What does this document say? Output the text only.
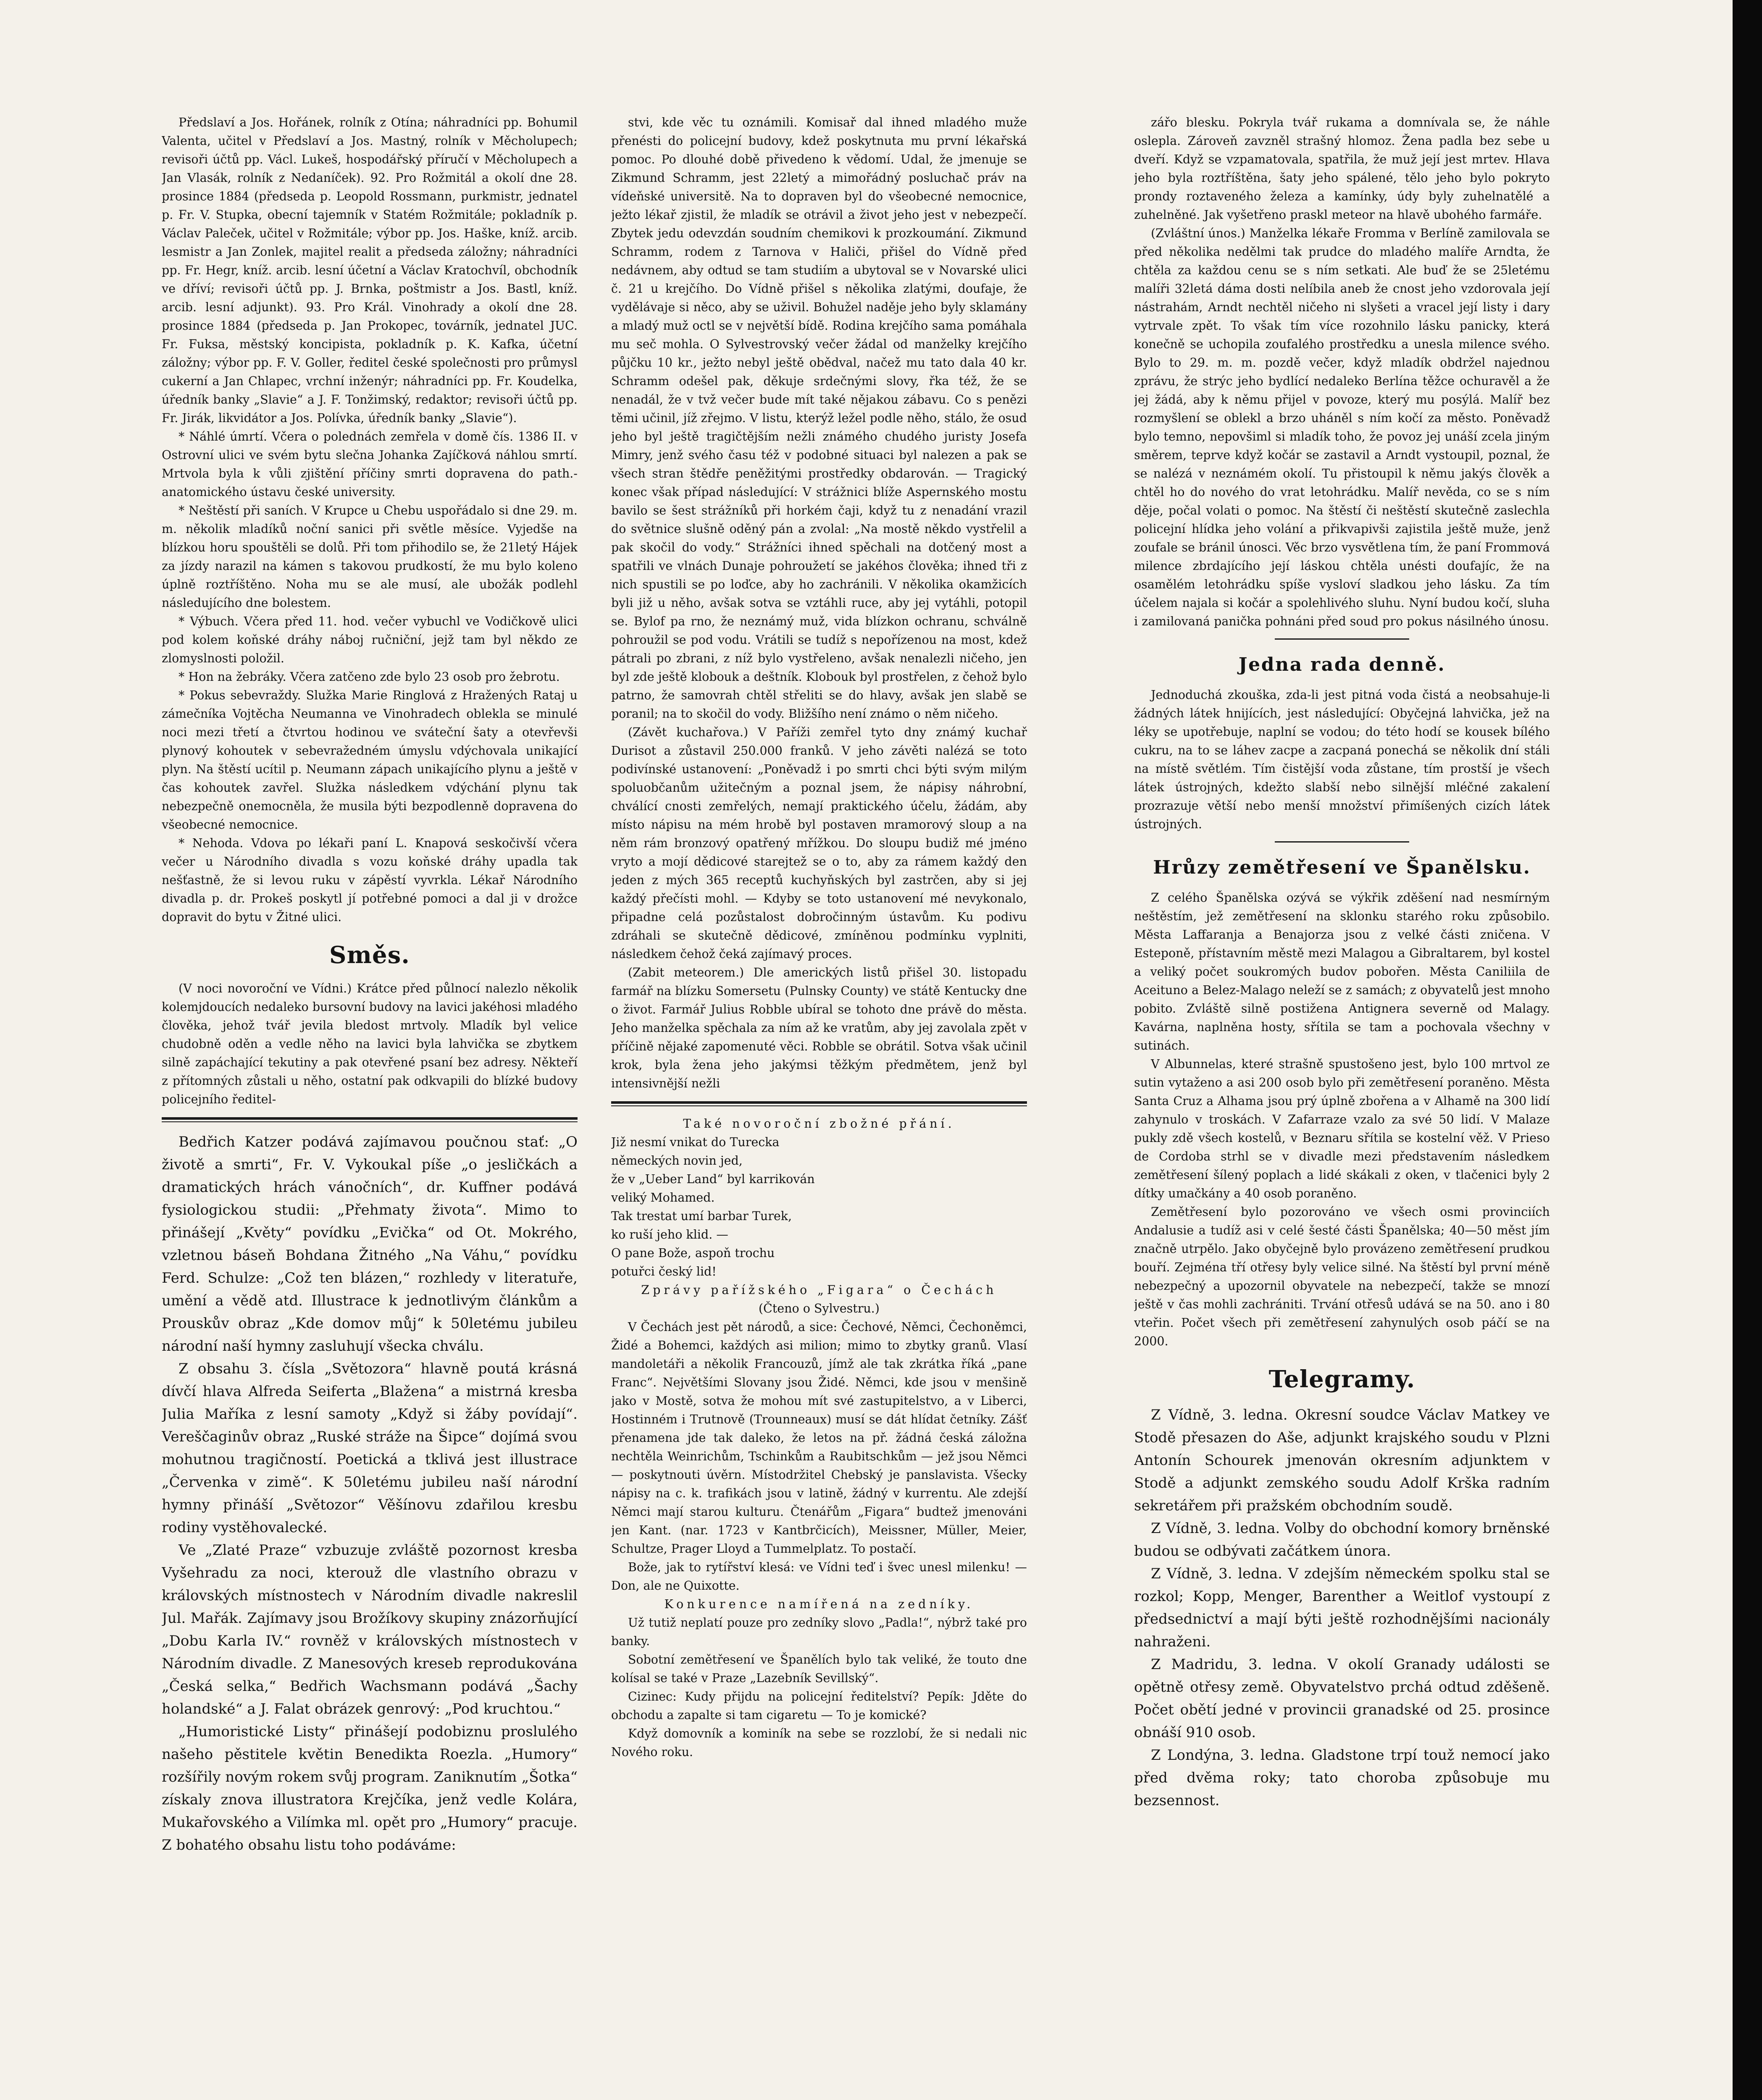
Předslaví a Jos. Hořánek, rolník z Otína; náhradníci pp. Bohumil Valenta, učitel v Předslaví a Jos. Mastný, rolník v Měcholupech; revisoři účtů pp. Václ. Lukeš, hospodářský příručí v Měcholupech a Jan Vlasák, rolník z Nedaníček). 92. Pro Rožmitál a okolí dne 28. prosince 1884 (předseda p. Leopold Rossmann, purkmistr, jednatel p. Fr. V. Stupka, obecní tajemník v Statém Rožmitále; pokladník p. Václav Paleček, učitel v Rožmitále; výbor pp. Jos. Haške, kníž. arcib. lesmistr a Jan Zonlek, majitel realit a předseda záložny; náhradníci pp. Fr. Hegr, kníž. arcib. lesní účetní a Václav Kratochvíl, obchodník ve dříví; revisoři účtů pp. J. Brnka, poštmistr a Jos. Bastl, kníž. arcib. lesní adjunkt). 93. Pro Král. Vinohrady a okolí dne 28. prosince 1884 (předseda p. Jan Prokopec, továrník, jednatel JUC. Fr. Fuksa, městský koncipista, pokladník p. K. Kafka, účetní záložny; výbor pp. F. V. Goller, ředitel české společnosti pro průmysl cukerní a Jan Chlapec, vrchní inženýr; náhradníci pp. Fr. Koudelka, úředník banky „Slavie“ a J. F. Tonžimský, redaktor; revisoři účtů pp. Fr. Jirák, likvidátor a Jos. Polívka, úředník banky „Slavie“).

* Náhlé úmrtí. Včera o polednách zemřela v domě čís. 1386 II. v Ostrovní ulici ve svém bytu slečna Johanka Zajíčková náhlou smrtí. Mrtvola byla k vůli zjištění příčiny smrti dopravena do path.-anatomického ústavu české university.

* Neštěstí při saních. V Krupce u Chebu uspořádalo si dne 29. m. m. několik mladíků noční sanici při světle měsíce. Vyjedše na blízkou horu spouštěli se dolů. Při tom přihodilo se, že 21letý Hájek za jízdy narazil na kámen s takovou prudkostí, že mu bylo koleno úplně roztříštěno. Noha mu se ale musí, ale ubožák podlehl následujícího dne bolestem.

* Výbuch. Včera před 11. hod. večer vybuchl ve Vodičkově ulici pod kolem koňské dráhy náboj ručniční, jejž tam byl někdo ze zlomyslnosti položil.

* Hon na žebráky. Včera zatčeno zde bylo 23 osob pro žebrotu.

* Pokus sebevraždy. Služka Marie Ringlová z Hražených Rataj u zámečníka Vojtěcha Neumanna ve Vinohradech oblekla se minulé noci mezi třetí a čtvrtou hodinou ve sváteční šaty a otevřevši plynový kohoutek v sebevražedném úmyslu vdýchovala unikající plyn. Na štěstí ucítil p. Neumann zápach unikajícího plynu a ještě v čas kohoutek zavřel. Služka následkem vdýchání plynu tak nebezpečně onemocněla, že musila býti bezpodlenně dopravena do všeobecné nemocnice.

* Nehoda. Vdova po lékaři paní L. Knapová seskočivší včera večer u Národního divadla s vozu koňské dráhy upadla tak nešťastně, že si levou ruku v zápěstí vyvrkla. Lékař Národního divadla p. dr. Prokeš poskytl jí potřebné pomoci a dal ji v drožce dopravit do bytu v Žitné ulici.

Směs.

(V noci novoroční ve Vídni.) Krátce před půlnocí nalezlo několik kolemjdoucích nedaleko bursovní budovy na lavici jakéhosi mladého člověka, jehož tvář jevila bledost mrtvoly. Mladík byl velice chudobně oděn a vedle něho na lavici byla lahvička se zbytkem silně zapáchající tekutiny a pak otevřené psaní bez adresy. Někteří z přítomných zůstali u něho, ostatní pak odkvapili do blízké budovy policejního ředitel-

Bedřich Katzer podává zajímavou poučnou stať: „O životě a smrti“, Fr. V. Vykoukal píše „o jesličkách a dramatických hrách vánočních“, dr. Kuffner podává fysiologickou studii: „Přehmaty života“. Mimo to přinášejí „Květy“ povídku „Evička“ od Ot. Mokrého, vzletnou báseň Bohdana Žitného „Na Váhu,“ povídku Ferd. Schulze: „Což ten blázen,“ rozhledy v literatuře, umění a vědě atd. Illustrace k jednotlivým článkům a Prouskův obraz „Kde domov můj“ k 50letému jubileu národní naší hymny zasluhují všecka chválu.

Z obsahu 3. čísla „Světozora“ hlavně poutá krásná dívčí hlava Alfreda Seiferta „Blažena“ a mistrná kresba Julia Maříka z lesní samoty „Když si žáby povídají“. Vereščaginův obraz „Ruské stráže na Šipce“ dojímá svou mohutnou tragičností. Poetická a tklivá jest illustrace „Červenka v zimě“. K 50letému jubileu naší národní hymny přináší „Světozor“ Věšínovu zdařilou kresbu rodiny vystěhovalecké.

Ve „Zlaté Praze“ vzbuzuje zvláště pozornost kresba Vyšehradu za noci, kterouž dle vlastního obrazu v královských místnostech v Národním divadle nakreslil Jul. Mařák. Zajímavy jsou Brožíkovy skupiny znázorňující „Dobu Karla IV.“ rovněž v královských místnostech v Národním divadle. Z Manesových kreseb reprodukována „Česká selka,“ Bedřich Wachsmann podává „Šachy holandské“ a J. Falat obrázek genrový: „Pod kruchtou.“

„Humoristické Listy“ přinášejí podobiznu proslulého našeho pěstitele květin Benedikta Roezla. „Humory“ rozšířily novým rokem svůj program. Zaniknutím „Šotka“ získaly znova illustratora Krejčíka, jenž vedle Kolára, Mukařovského a Vilímka ml. opět pro „Humory“ pracuje. Z bohatého obsahu listu toho podáváme:

stvi, kde věc tu oznámili. Komisař dal ihned mladého muže přenésti do policejní budovy, kdež poskytnuta mu první lékařská pomoc. Po dlouhé době přivedeno k vědomí. Udal, že jmenuje se Zikmund Schramm, jest 22letý a mimořádný posluchač práv na vídeňské universitě. Na to dopraven byl do všeobecné nemocnice, ježto lékař zjistil, že mladík se otrávil a život jeho jest v nebezpečí. Zbytek jedu odevzdán soudním chemikovi k prozkoumání. Zikmund Schramm, rodem z Tarnova v Haliči, přišel do Vídně před nedávnem, aby odtud se tam studiím a ubytoval se v Novarské ulici č. 21 u krejčího. Do Vídně přišel s několika zlatými, doufaje, že vydělávaje si něco, aby se uživil. Bohužel naděje jeho byly sklamány a mladý muž octl se v největší bídě. Rodina krejčího sama pomáhala mu seč mohla. O Sylvestrovský večer žádal od manželky krejčího půjčku 10 kr., ježto nebyl ještě obědval, načež mu tato dala 40 kr. Schramm odešel pak, děkuje srdečnými slovy, řka též, že se nenadál, že v tvž večer bude mít také nějakou zábavu. Co s penězi těmi učinil, jíž zřejmo. V listu, kterýž ležel podle něho, stálo, že osud jeho byl ještě tragičtějším nežli známého chudého juristy Josefa Mimry, jenž svého času též v podobné situaci byl nalezen a pak se všech stran štědře peněžitými prostředky obdarován. — Tragický konec však případ následující: V strážnici blíže Aspernského mostu bavilo se šest strážníků při horkém čaji, když tu z nenadání vrazil do světnice slušně oděný pán a zvolal: „Na mostě někdo vystřelil a pak skočil do vody.“ Strážníci ihned spěchali na dotčený most a spatřili ve vlnách Dunaje pohroužetí se jakéhos člověka; ihned tři z nich spustili se po loďce, aby ho zachránili. V několika okamžicích byli již u něho, avšak sotva se vztáhli ruce, aby jej vytáhli, potopil se. Bylof pa rno, že neznámý muž, vida blízkon ochranu, schválně pohroužil se pod vodu. Vrátili se tudíž s nepořízenou na most, kdež pátrali po zbrani, z níž bylo vystřeleno, avšak nenalezli ničeho, jen byl zde ještě klobouk a deštník. Klobouk byl prostřelen, z čehož bylo patrno, že samovrah chtěl střeliti se do hlavy, avšak jen slabě se poranil; na to skočil do vody. Bližšího není známo o něm ničeho.

(Závět kuchařova.) V Paříži zemřel tyto dny známý kuchař Durisot a zůstavil 250.000 franků. V jeho závěti nalézá se toto podivínské ustanovení: „Poněvadž i po smrti chci býti svým milým spoluobčanům užitečným a poznal jsem, že nápisy náhrobní, chválící cnosti zemřelých, nemají praktického účelu, žádám, aby místo nápisu na mém hrobě byl postaven mramorový sloup a na něm rám bronzový opatřený mřížkou. Do sloupu budiž mé jméno vryto a mojí dědicové starejtež se o to, aby za rámem každý den jeden z mých 365 receptů kuchyňských byl zastrčen, aby si jej každý přečísti mohl. — Kdyby se toto ustanovení mé nevykonalo, připadne celá pozůstalost dobročinným ústavům. Ku podivu zdráhali se skutečně dědicové, zmíněnou podmínku vyplniti, následkem čehož čeká zajímavý proces.

(Zabit meteorem.) Dle amerických listů přišel 30. listopadu farmář na blízku Somersetu (Pulnsky County) ve státě Kentucky dne o život. Farmář Julius Robble ubíral se tohoto dne právě do města. Jeho manželka spěchala za ním až ke vratům, aby jej zavolala zpět v příčině nějaké zapomenuté věci. Robble se obrátil. Sotva však učinil krok, byla žena jeho jakýmsi těžkým předmětem, jenž byl intensivnější nežli

Také novoroční zbožné přání.

Již nesmí vnikat do Turecka
německých novin jed,
že v „Ueber Land“ byl karrikován
veliký Mohamed.
Tak trestat umí barbar Turek,
ko ruší jeho klid. —
O pane Bože, aspoň trochu
potuřci český lid!

Zprávy pařížského „Figara“ o Čechách

(Čteno o Sylvestru.)

V Čechách jest pět národů, a sice: Čechové, Němci, Čechoněmci, Židé a Bohemci, každých asi milion; mimo to zbytky granů. Vlasí mandoletáři a několik Francouzů, jímž ale tak zkrátka říká „pane Franc“. Největšími Slovany jsou Židé. Němci, kde jsou v menšině jako v Mostě, sotva že mohou mít své zastupitelstvo, a v Liberci, Hostinném i Trutnově (Trounneaux) musí se dát hlídat četníky. Zášť přenamena jde tak daleko, že letos na př. žádná česká záložna nechtěla Weinrichům, Tschinkům a Raubitschkům — jež jsou Němci — poskytnouti úvěrn. Místodržitel Chebský je panslavista. Všecky nápisy na c. k. trafikách jsou v latině, žádný v kurrentu. Ale zdejší Němci mají starou kulturu. Čtenářům „Figara“ budtež jmenováni jen Kant. (nar. 1723 v Kantbrčicích), Meissner, Müller, Meier, Schultze, Prager Lloyd a Tummelplatz. To postačí.

Bože, jak to rytířství klesá: ve Vídni teď i švec unesl milenku! — Don, ale ne Quixotte.

Konkurence namířená na zedníky.

Už tutiž neplatí pouze pro zedníky slovo „Padla!“, nýbrž také pro banky.

Sobotní zemětřesení ve Španělích bylo tak veliké, že touto dne kolísal se také v Praze „Lazebník Sevillský“.

Cizinec: Kudy přijdu na policejní ředitelství? Pepík: Jděte do obchodu a zapalte si tam cigaretu — To je komické?

Když domovník a kominík na sebe se rozzlobí, že si nedali nic Nového roku.

zářo blesku. Pokryla tvář rukama a domnívala se, že náhle oslepla. Zároveň zavzněl strašný hlomoz. Žena padla bez sebe u dveří. Když se vzpamatovala, spatřila, že muž její jest mrtev. Hlava jeho byla roztříštěna, šaty jeho spálené, tělo jeho bylo pokryto prondy roztaveného železa a kamínky, údy byly zuhelnatělé a zuhelněné. Jak vyšetřeno praskl meteor na hlavě ubohého farmáře.

(Zvláštní únos.) Manželka lékaře Fromma v Berlíně zamilovala se před několika nedělmi tak prudce do mladého malíře Arndta, že chtěla za každou cenu se s ním setkati. Ale buď že se 25letému malíři 32letá dáma dosti nelíbila aneb že cnost jeho vzdorovala její nástrahám, Arndt nechtěl ničeho ni slyšeti a vracel její listy i dary vytrvale zpět. To však tím více rozohnilo lásku panicky, která konečně se uchopila zoufalého prostředku a unesla milence svého. Bylo to 29. m. m. pozdě večer, když mladík obdržel najednou zprávu, že strýc jeho bydlící nedaleko Berlína těžce ochuravěl a že jej žádá, aby k němu přijel v povoze, který mu posýlá. Malíř bez rozmyšlení se oblekl a brzo uháněl s ním kočí za město. Poněvadž bylo temno, nepovšiml si mladík toho, že povoz jej unáší zcela jiným směrem, teprve když kočár se zastavil a Arndt vystoupil, poznal, že se nalézá v neznámém okolí. Tu přistoupil k němu jakýs člověk a chtěl ho do nového do vrat letohrádku. Malíř nevěda, co se s ním děje, počal volati o pomoc. Na štěstí či neštěstí skutečně zaslechla policejní hlídka jeho volání a přikvapivši zajistila ještě muže, jenž zoufale se bránil únosci. Věc brzo vysvětlena tím, že paní Frommová milence zbrdajícího její láskou chtěla unésti doufajíc, že na osamělém letohrádku spíše vysloví sladkou jeho lásku. Za tím účelem najala si kočár a spolehlivého sluhu. Nyní budou kočí, sluha i zamilovaná panička pohnáni před soud pro pokus násilného únosu.

Jedna rada denně.

Jednoduchá zkouška, zda-li jest pitná voda čistá a neobsahuje-li žádných látek hnijících, jest následující: Obyčejná lahvička, jež na léky se upotřebuje, naplní se vodou; do této hodí se kousek bílého cukru, na to se láhev zacpe a zacpaná ponechá se několik dní stáli na místě světlém. Tím čistější voda zůstane, tím prostší je všech látek ústrojných, kdežto slabší nebo silnější mléčné zakalení prozrazuje větší nebo menší množství přimíšených cizích látek ústrojných.

Hrůzy zemětřesení ve Španělsku.

Z celého Španělska ozývá se výkřik zděšení nad nesmírným neštěstím, jež zemětřesení na sklonku starého roku způsobilo. Města Laffaranja a Benajorza jsou z velké části zničena. V Esteponě, přístavním městě mezi Malagou a Gibraltarem, byl kostel a veliký počet soukromých budov pobořen. Města Caniliila de Aceituno a Belez-Malago neleží se z samách; z obyvatelů jest mnoho pobito. Zvláště silně postižena Antignera severně od Malagy. Kavárna, naplněna hosty, sřítila se tam a pochovala všechny v sutinách.

V Albunnelas, které strašně spustošeno jest, bylo 100 mrtvol ze sutin vytaženo a asi 200 osob bylo při zemětřesení poraněno. Města Santa Cruz a Alhama jsou prý úplně zbořena a v Alhamě na 300 lidí zahynulo v troskách. V Zafarraze vzalo za své 50 lidí. V Malaze pukly zdě všech kostelů, v Beznaru sřítila se kostelní věž. V Prieso de Cordoba strhl se v divadle mezi představením následkem zemětřesení šílený poplach a lidé skákali z oken, v tlačenici byly 2 dítky umačkány a 40 osob poraněno.

Zemětřesení bylo pozorováno ve všech osmi provinciích Andalusie a tudíž asi v celé šesté části Španělska; 40—50 měst jím značně utrpělo. Jako obyčejně bylo provázeno zemětřesení prudkou bouří. Zejména tří otřesy byly velice silné. Na štěstí byl první méně nebezpečný a upozornil obyvatele na nebezpečí, takže se mnozí ještě v čas mohli zachrániti. Trvání otřesů udává se na 50. ano i 80 vteřin. Počet všech při zemětřesení zahynulých osob páčí se na 2000.

Telegramy.

Z Vídně, 3. ledna. Okresní soudce Václav Matkey ve Stodě přesazen do Aše, adjunkt krajského soudu v Plzni Antonín Schourek jmenován okresním adjunktem v Stodě a adjunkt zemského soudu Adolf Krška radním sekretářem při pražském obchodním soudě.

Z Vídně, 3. ledna. Volby do obchodní komory brněnské budou se odbývati začátkem února.

Z Vídně, 3. ledna. V zdejším německém spolku stal se rozkol; Kopp, Menger, Barenther a Weitlof vystoupí z předsednictví a mají býti ještě rozhodnějšími nacionály nahraženi.

Z Madridu, 3. ledna. V okolí Granady události se opětně otřesy země. Obyvatelstvo prchá odtud zděšeně. Počet obětí jedné v provincii granadské od 25. prosince obnáší 910 osob.

Z Londýna, 3. ledna. Gladstone trpí touž nemocí jako před dvěma roky; tato choroba způsobuje mu bezsennost.
